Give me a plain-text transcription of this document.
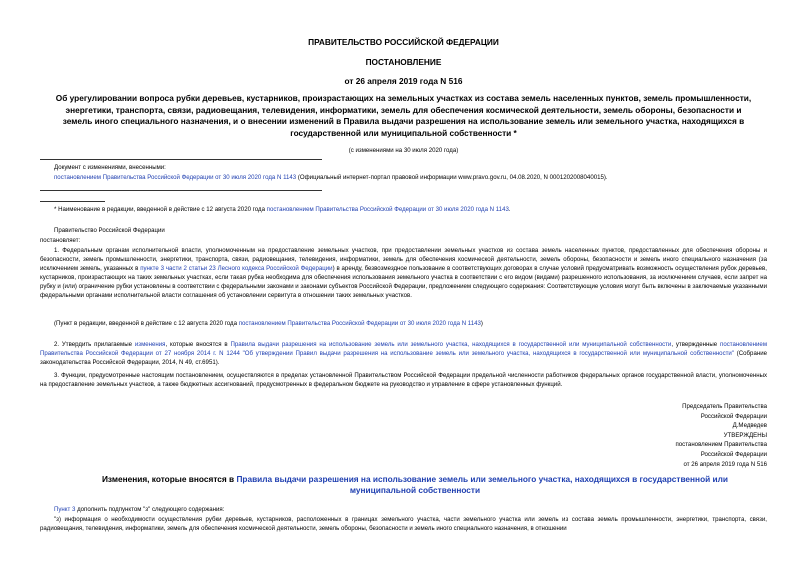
ПРАВИТЕЛЬСТВО РОССИЙСКОЙ ФЕДЕРАЦИИ
ПОСТАНОВЛЕНИЕ
от 26 апреля 2019 года N 516
Об урегулировании вопроса рубки деревьев, кустарников, произрастающих на земельных участках из состава земель населенных пунктов, земель промышленности, энергетики, транспорта, связи, радиовещания, телевидения, информатики, земель для обеспечения космической деятельности, земель обороны, безопасности и земель иного специального назначения, и о внесении изменений в Правила выдачи разрешения на использование земель или земельного участка, находящихся в государственной или муниципальной собственности *
(с изменениями на 30 июля 2020 года)
Документ с изменениями, внесенными:
постановлением Правительства Российской Федерации от 30 июля 2020 года N 1143 (Официальный интернет-портал правовой информации www.pravo.gov.ru, 04.08.2020, N 0001202008040015).
* Наименование в редакции, введенной в действие с 12 августа 2020 года постановлением Правительства Российской Федерации от 30 июля 2020 года N 1143.
Правительство Российской Федерации
постановляет:
1. Федеральным органам исполнительной власти, уполномоченным на предоставление земельных участков, при предоставлении земельных участков из состава земель населенных пунктов, предоставленных для обеспечения обороны и безопасности, земель промышленности, энергетики, транспорта, связи, радиовещания, телевидения, информатики, земель для обеспечения космической деятельности, земель обороны, безопасности и земель иного специального назначения (за исключением земель, указанных в пункте 3 части 2 статьи 23 Лесного кодекса Российской Федерации) в аренду, безвозмездное пользование в соответствующих договорах в случае условий предусматривать возможность осуществления рубок деревьев, кустарников, произрастающих на таких земельных участках, если такая рубка необходима для обеспечения использования земельного участка в соответствии с его видом (видами) разрешенного использования, за исключением случаев, если запрет на рубку и (или) ограничение рубки установлены в соответствии с федеральными законами и законами субъектов Российской Федерации, предложением следующего содержания: Соответствующие условия могут быть включены в заключаемые указанными федеральными органами исполнительной власти соглашения об установлении сервитута в отношении таких земельных участков.
(Пункт в редакции, введенной в действие с 12 августа 2020 года постановлением Правительства Российской Федерации от 30 июля 2020 года N 1143)
2. Утвердить прилагаемые изменения, которые вносятся в Правила выдачи разрешения на использование земель или земельного участка, находящихся в государственной или муниципальной собственности, утвержденные постановлением Правительства Российской Федерации от 27 ноября 2014 г. N 1244 "Об утверждении Правил выдачи разрешения на использование земель или земельного участка, находящихся в государственной или муниципальной собственности" (Собрание законодательства Российской Федерации, 2014, N 49, ст.6951).
3. Функции, предусмотренные настоящим постановлением, осуществляются в пределах установленной Правительством Российской Федерации предельной численности работников федеральных органов государственной власти, уполномоченных на предоставление земельных участков, а также бюджетных ассигнований, предусмотренных в федеральном бюджете на руководство и управление в сфере установленных функций.
Председатель Правительства
Российской Федерации
Д.Медведев
УТВЕРЖДЕНЫ
постановлением Правительства
Российской Федерации
от 26 апреля 2019 года N 516
Изменения, которые вносятся в Правила выдачи разрешения на использование земель или земельного участка, находящихся в государственной или муниципальной собственности
Пункт 3 дополнить подпунктом "з" следующего содержания:
"з) информация о необходимости осуществления рубки деревьев, кустарников, расположенных в границах земельного участка, части земельного участка или земель из состава земель промышленности, энергетики, транспорта, связи, радиовещания, телевидения, информатики, земель для обеспечения космической деятельности, земель обороны, безопасности и земель иного специального назначения, в отношении
